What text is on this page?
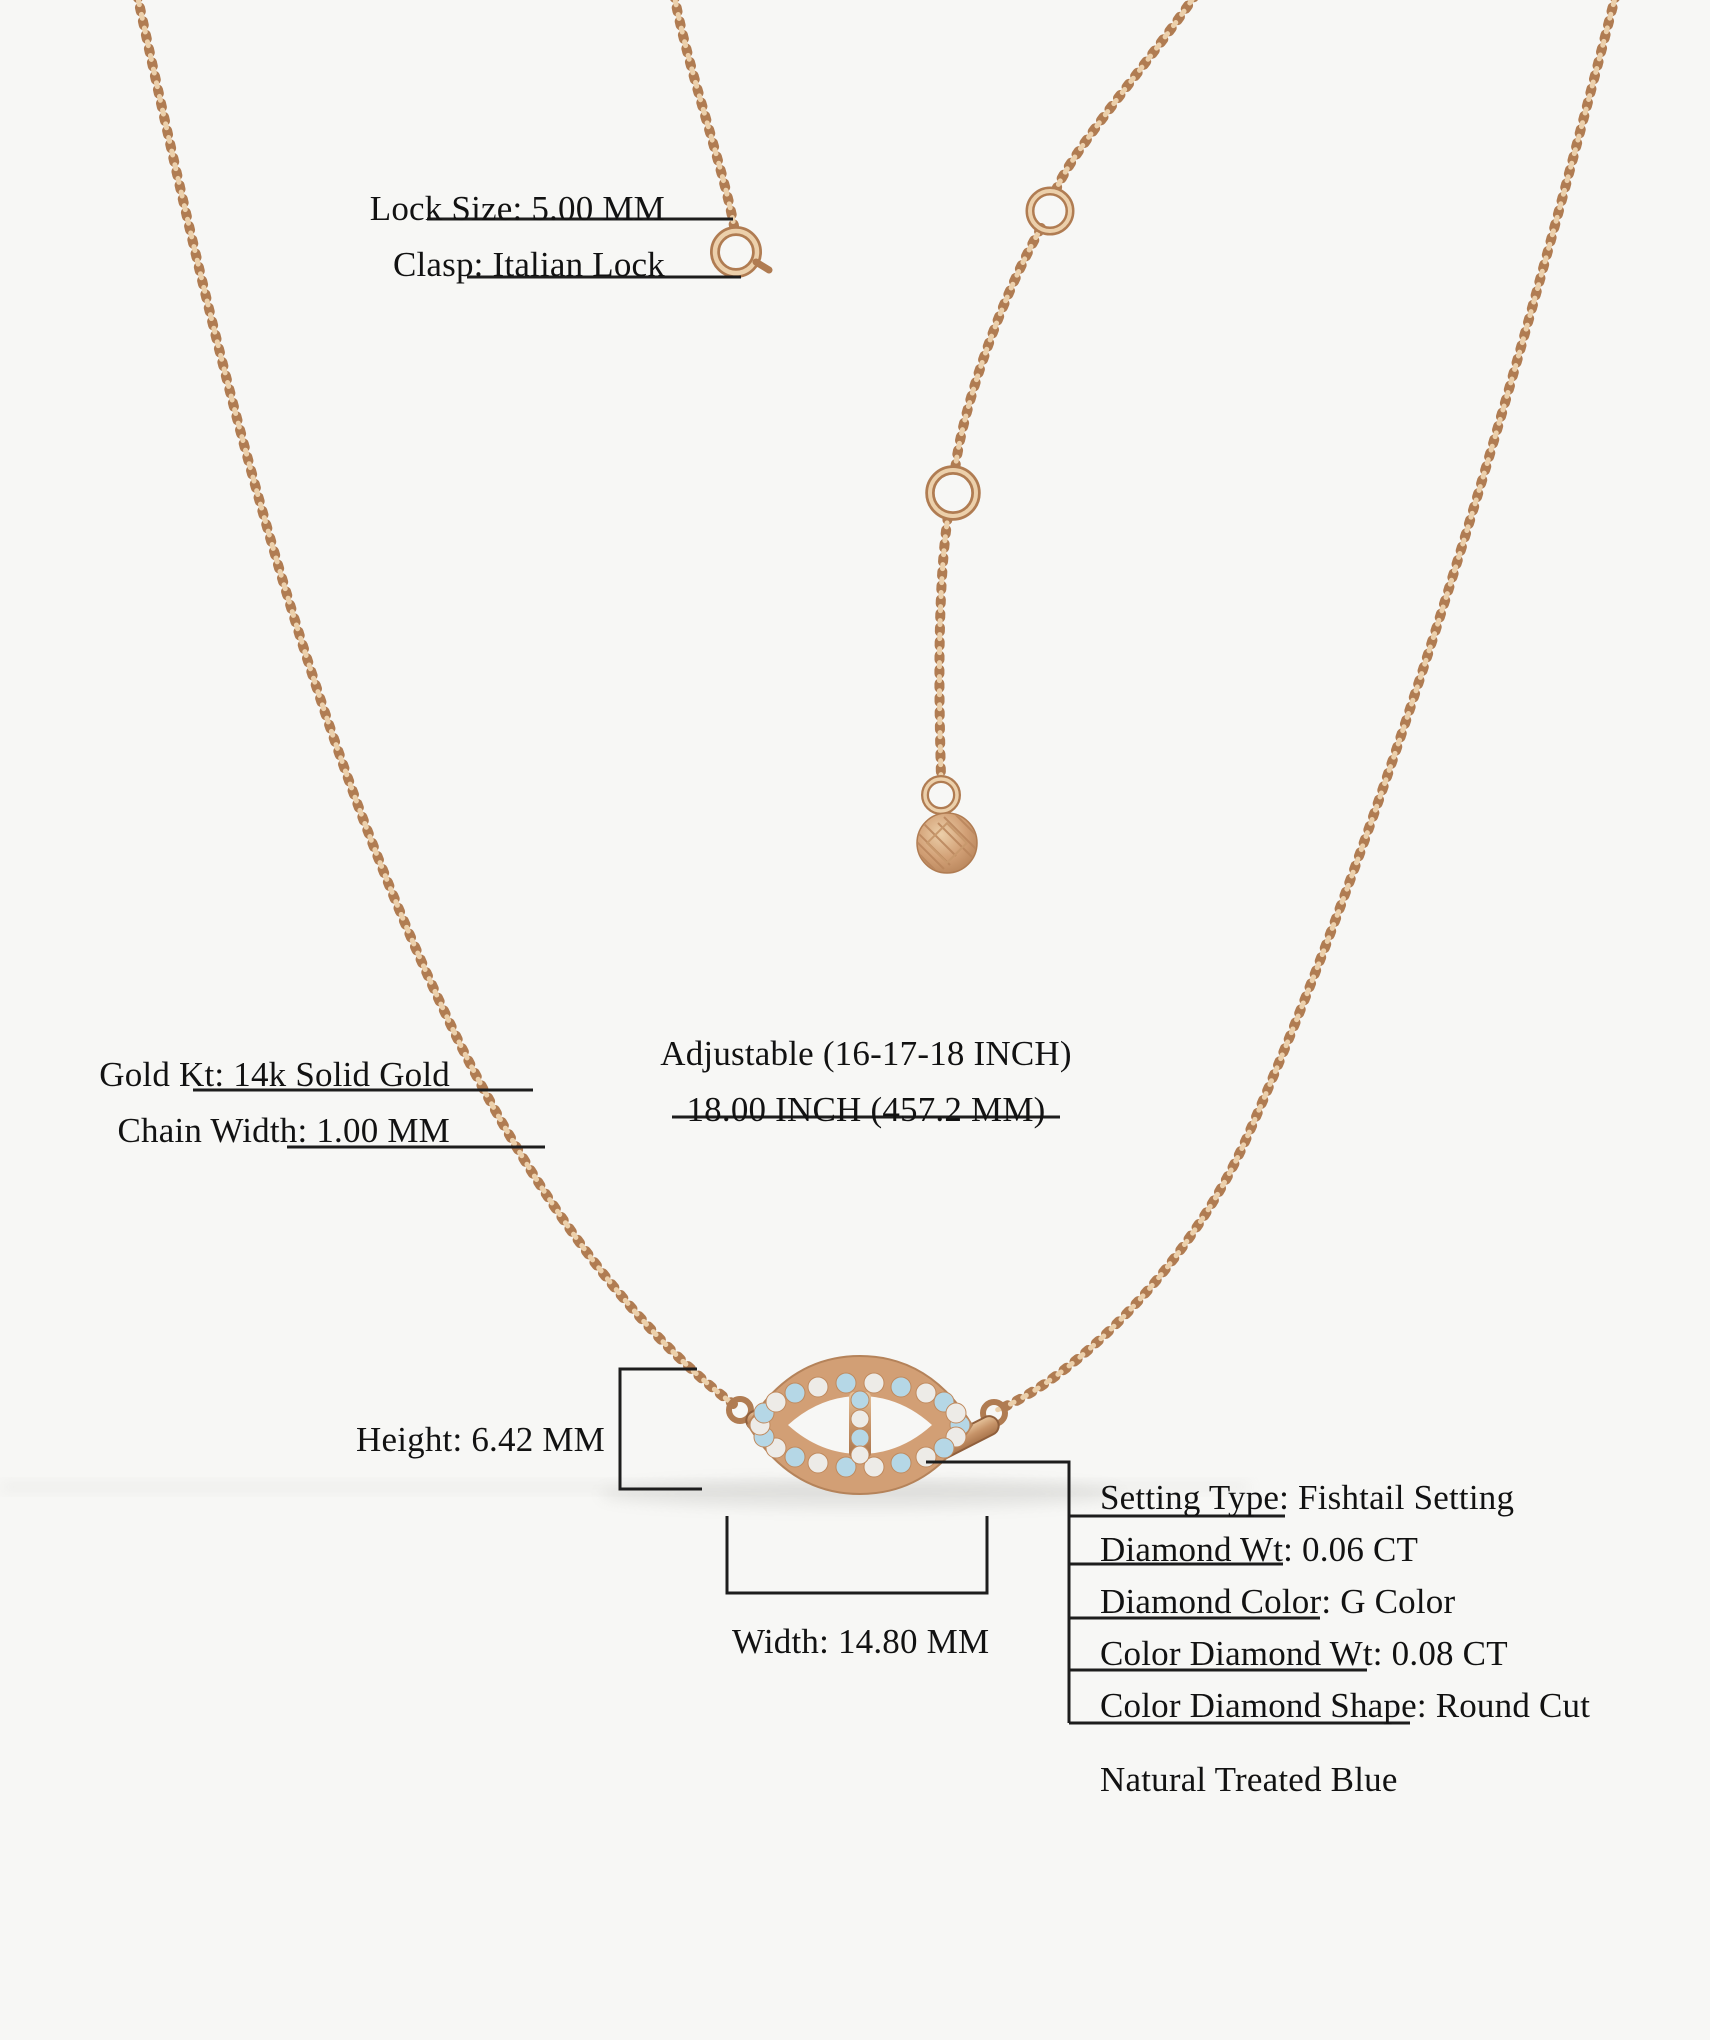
Lock Size: 5.00 MM
Clasp: Italian Lock
Gold Kt: 14k Solid Gold
Chain Width: 1.00 MM
Adjustable (16-17-18 INCH)
18.00 INCH (457.2 MM)
Height: 6.42 MM
Width: 14.80 MM
Setting Type: Fishtail Setting
Diamond Wt: 0.06 CT
Diamond Color: G Color
Color Diamond Wt: 0.08 CT
Color Diamond Shape: Round Cut
Natural Treated Blue
